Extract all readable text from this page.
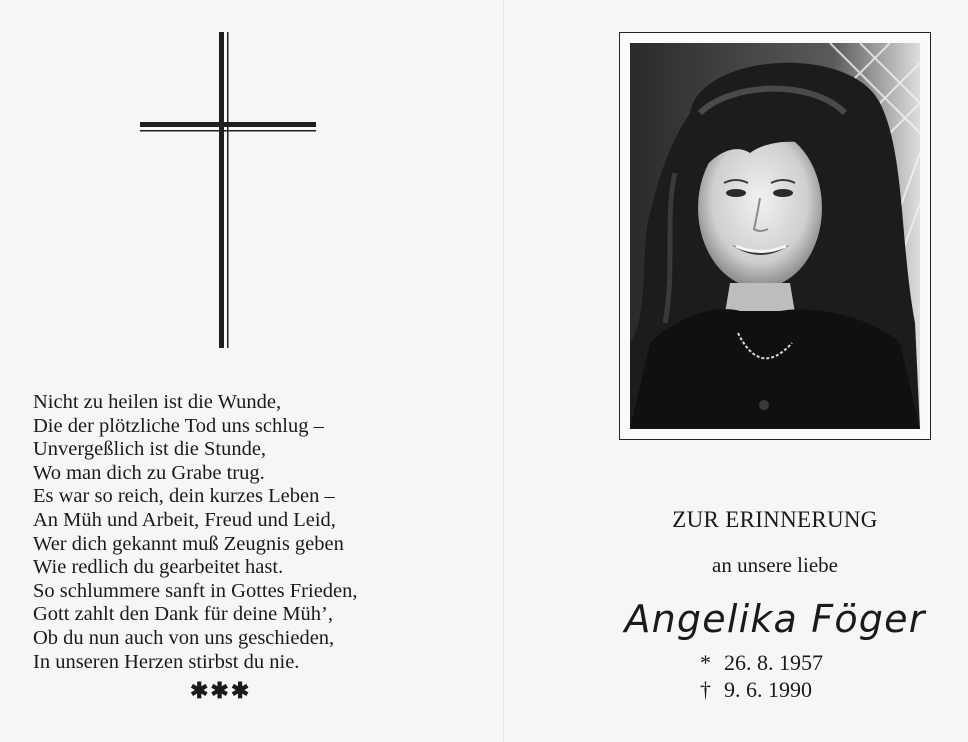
Nicht zu heilen ist die Wunde,
Die der plötzliche Tod uns schlug –
Unvergeßlich ist die Stunde,
Wo man dich zu Grabe trug.
Es war so reich, dein kurzes Leben –
An Müh und Arbeit, Freud und Leid,
Wer dich gekannt muß Zeugnis geben
Wie redlich du gearbeitet hast.
So schlummere sanft in Gottes Frieden,
Gott zahlt den Dank für deine Müh’,
Ob du nun auch von uns geschieden,
In unseren Herzen stirbst du nie.
✱✱✱
ZUR ERINNERUNG
an unsere liebe
Angelika Föger
* 26. 8. 1957
† 9. 6. 1990
